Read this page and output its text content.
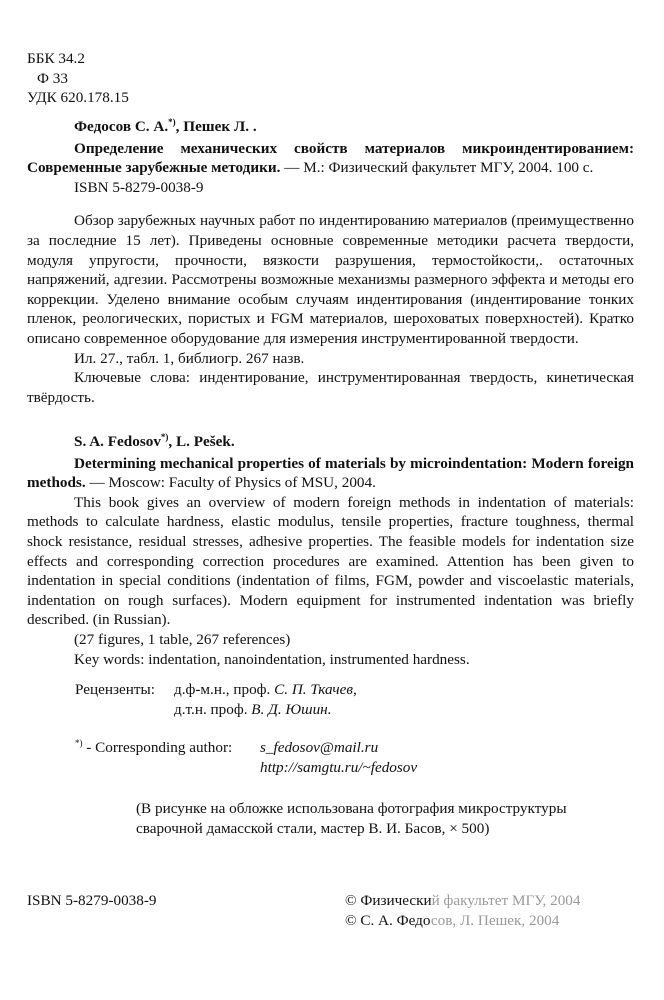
ББК 34.2
Ф 33
УДК 620.178.15
Федосов С. А.*), Пешек Л. .
Определение механических свойств материалов микроиндентированием: Современные зарубежные методики. — М.: Физический факультет МГУ, 2004. 100 с.
ISBN 5-8279-0038-9
Обзор зарубежных научных работ по индентированию материалов (преимущественно за последние 15 лет). Приведены основные современные методики расчета твердости, модуля упругости, прочности, вязкости разрушения, термостойкости,. остаточных напряжений, адгезии. Рассмотрены возможные механизмы размерного эффекта и методы его коррекции. Уделено внимание особым случаям индентирования (индентирование тонких пленок, реологических, пористых и FGM материалов, шероховатых поверхностей). Кратко описано современное оборудование для измерения инструментированной твердости.
Ил. 27., табл. 1, библиогр. 267 назв.
Ключевые слова: индентирование, инструментированная твердость, кинетическая твёрдость.
S. A. Fedosov*), L. Pešek.
Determining mechanical properties of materials by microindentation: Modern foreign methods. — Moscow: Faculty of Physics of MSU, 2004.
This book gives an overview of modern foreign methods in indentation of materials: methods to calculate hardness, elastic modulus, tensile properties, fracture toughness, thermal shock resistance, residual stresses, adhesive properties. The feasible models for indentation size effects and corresponding correction procedures are examined. Attention has been given to indentation in special conditions (indentation of films, FGM, powder and viscoelastic materials, indentation on rough surfaces). Modern equipment for instrumented indentation was briefly described. (in Russian).
(27 figures, 1 table, 267 references)
Key words: indentation, nanoindentation, instrumented hardness.
Рецензенты:	д.ф-м.н., проф. С. П. Ткачев,
д.т.н. проф. В. Д. Юшин.
*) - Corresponding author:	s_fedosov@mail.ru
http://samgtu.ru/~fedosov
(В рисунке на обложке использована фотография микроструктуры
сварочной дамасской стали, мастер В. И. Басов, × 500)
ISBN 5-8279-0038-9	© Физический факультет МГУ, 2004
© С. А. Федосов, Л. Пешек, 2004
